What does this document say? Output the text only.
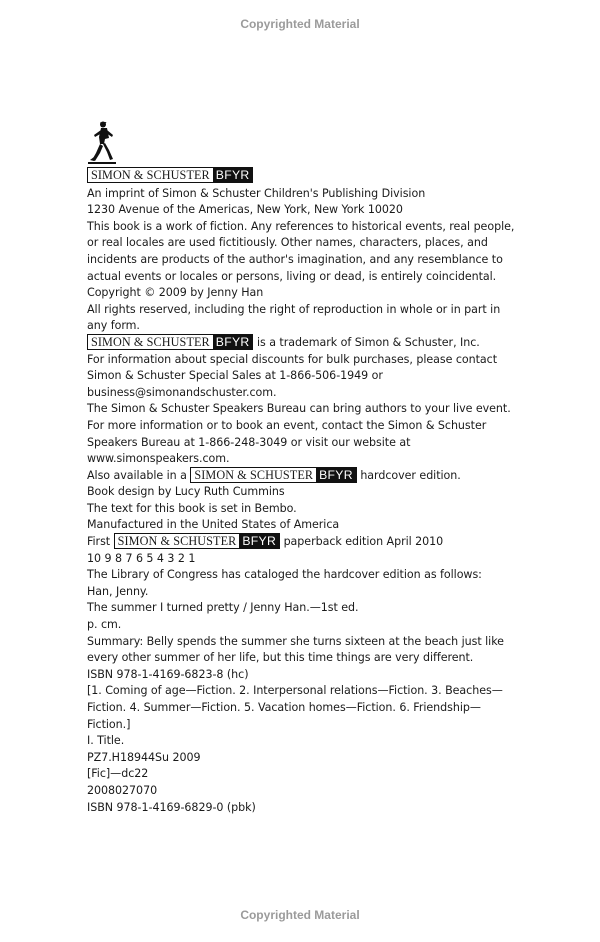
Copyrighted Material
SIMON & SCHUSTER BFYR
An imprint of Simon & Schuster Children's Publishing Division
1230 Avenue of the Americas, New York, New York 10020
This book is a work of fiction. Any references to historical events, real people, or real locales are used fictitiously. Other names, characters, places, and incidents are products of the author's imagination, and any resemblance to actual events or locales or persons, living or dead, is entirely coincidental.
Copyright © 2009 by Jenny Han
All rights reserved, including the right of reproduction in whole or in part in any form.
SIMON & SCHUSTER BFYR is a trademark of Simon & Schuster, Inc.
For information about special discounts for bulk purchases, please contact Simon & Schuster Special Sales at 1-866-506-1949 or business@simonandschuster.com.
The Simon & Schuster Speakers Bureau can bring authors to your live event. For more information or to book an event, contact the Simon & Schuster Speakers Bureau at 1-866-248-3049 or visit our website at www.simonspeakers.com.
Also available in a SIMON & SCHUSTER BFYR hardcover edition.
Book design by Lucy Ruth Cummins
The text for this book is set in Bembo.
Manufactured in the United States of America
First SIMON & SCHUSTER BFYR paperback edition April 2010
10 9 8 7 6 5 4 3 2 1
The Library of Congress has cataloged the hardcover edition as follows:
Han, Jenny.
The summer I turned pretty / Jenny Han.—1st ed.
p. cm.
Summary: Belly spends the summer she turns sixteen at the beach just like every other summer of her life, but this time things are very different.
ISBN 978-1-4169-6823-8 (hc)
[1. Coming of age—Fiction. 2. Interpersonal relations—Fiction. 3. Beaches—Fiction. 4. Summer—Fiction. 5. Vacation homes—Fiction. 6. Friendship—Fiction.]
I. Title.
PZ7.H18944Su 2009
[Fic]—dc22
2008027070
ISBN 978-1-4169-6829-0 (pbk)
Copyrighted Material
